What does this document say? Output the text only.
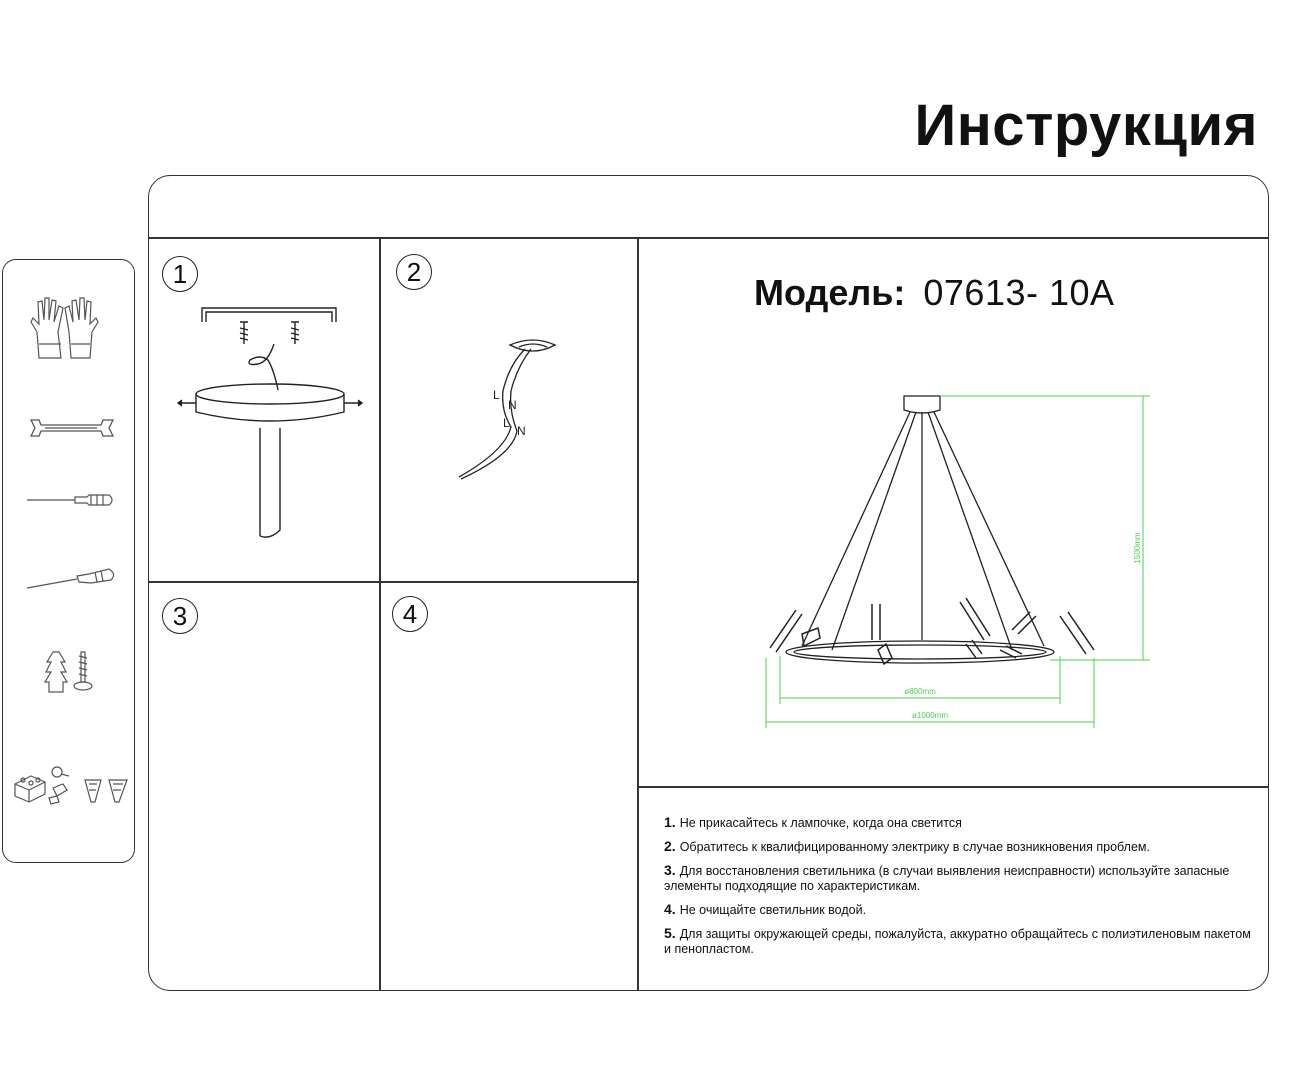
Инструкция
1	2
3	4
L
N
L
N
Модель: 07613- 10A
1500mm
ø800mm
ø1000mm
1. Не прикасайтесь к лампочке, когда она светится
2. Обратитесь к квалифицированному электрику в случае возникновения проблем.
3. Для восстановления светильника (в случаи выявления неисправности) используйте запасные элементы подходящие по характеристикам.
4. Не очищайте светильник водой.
5. Для защиты окружающей среды, пожалуйста, аккуратно обращайтесь с полиэтиленовым пакетом и пенопластом.
